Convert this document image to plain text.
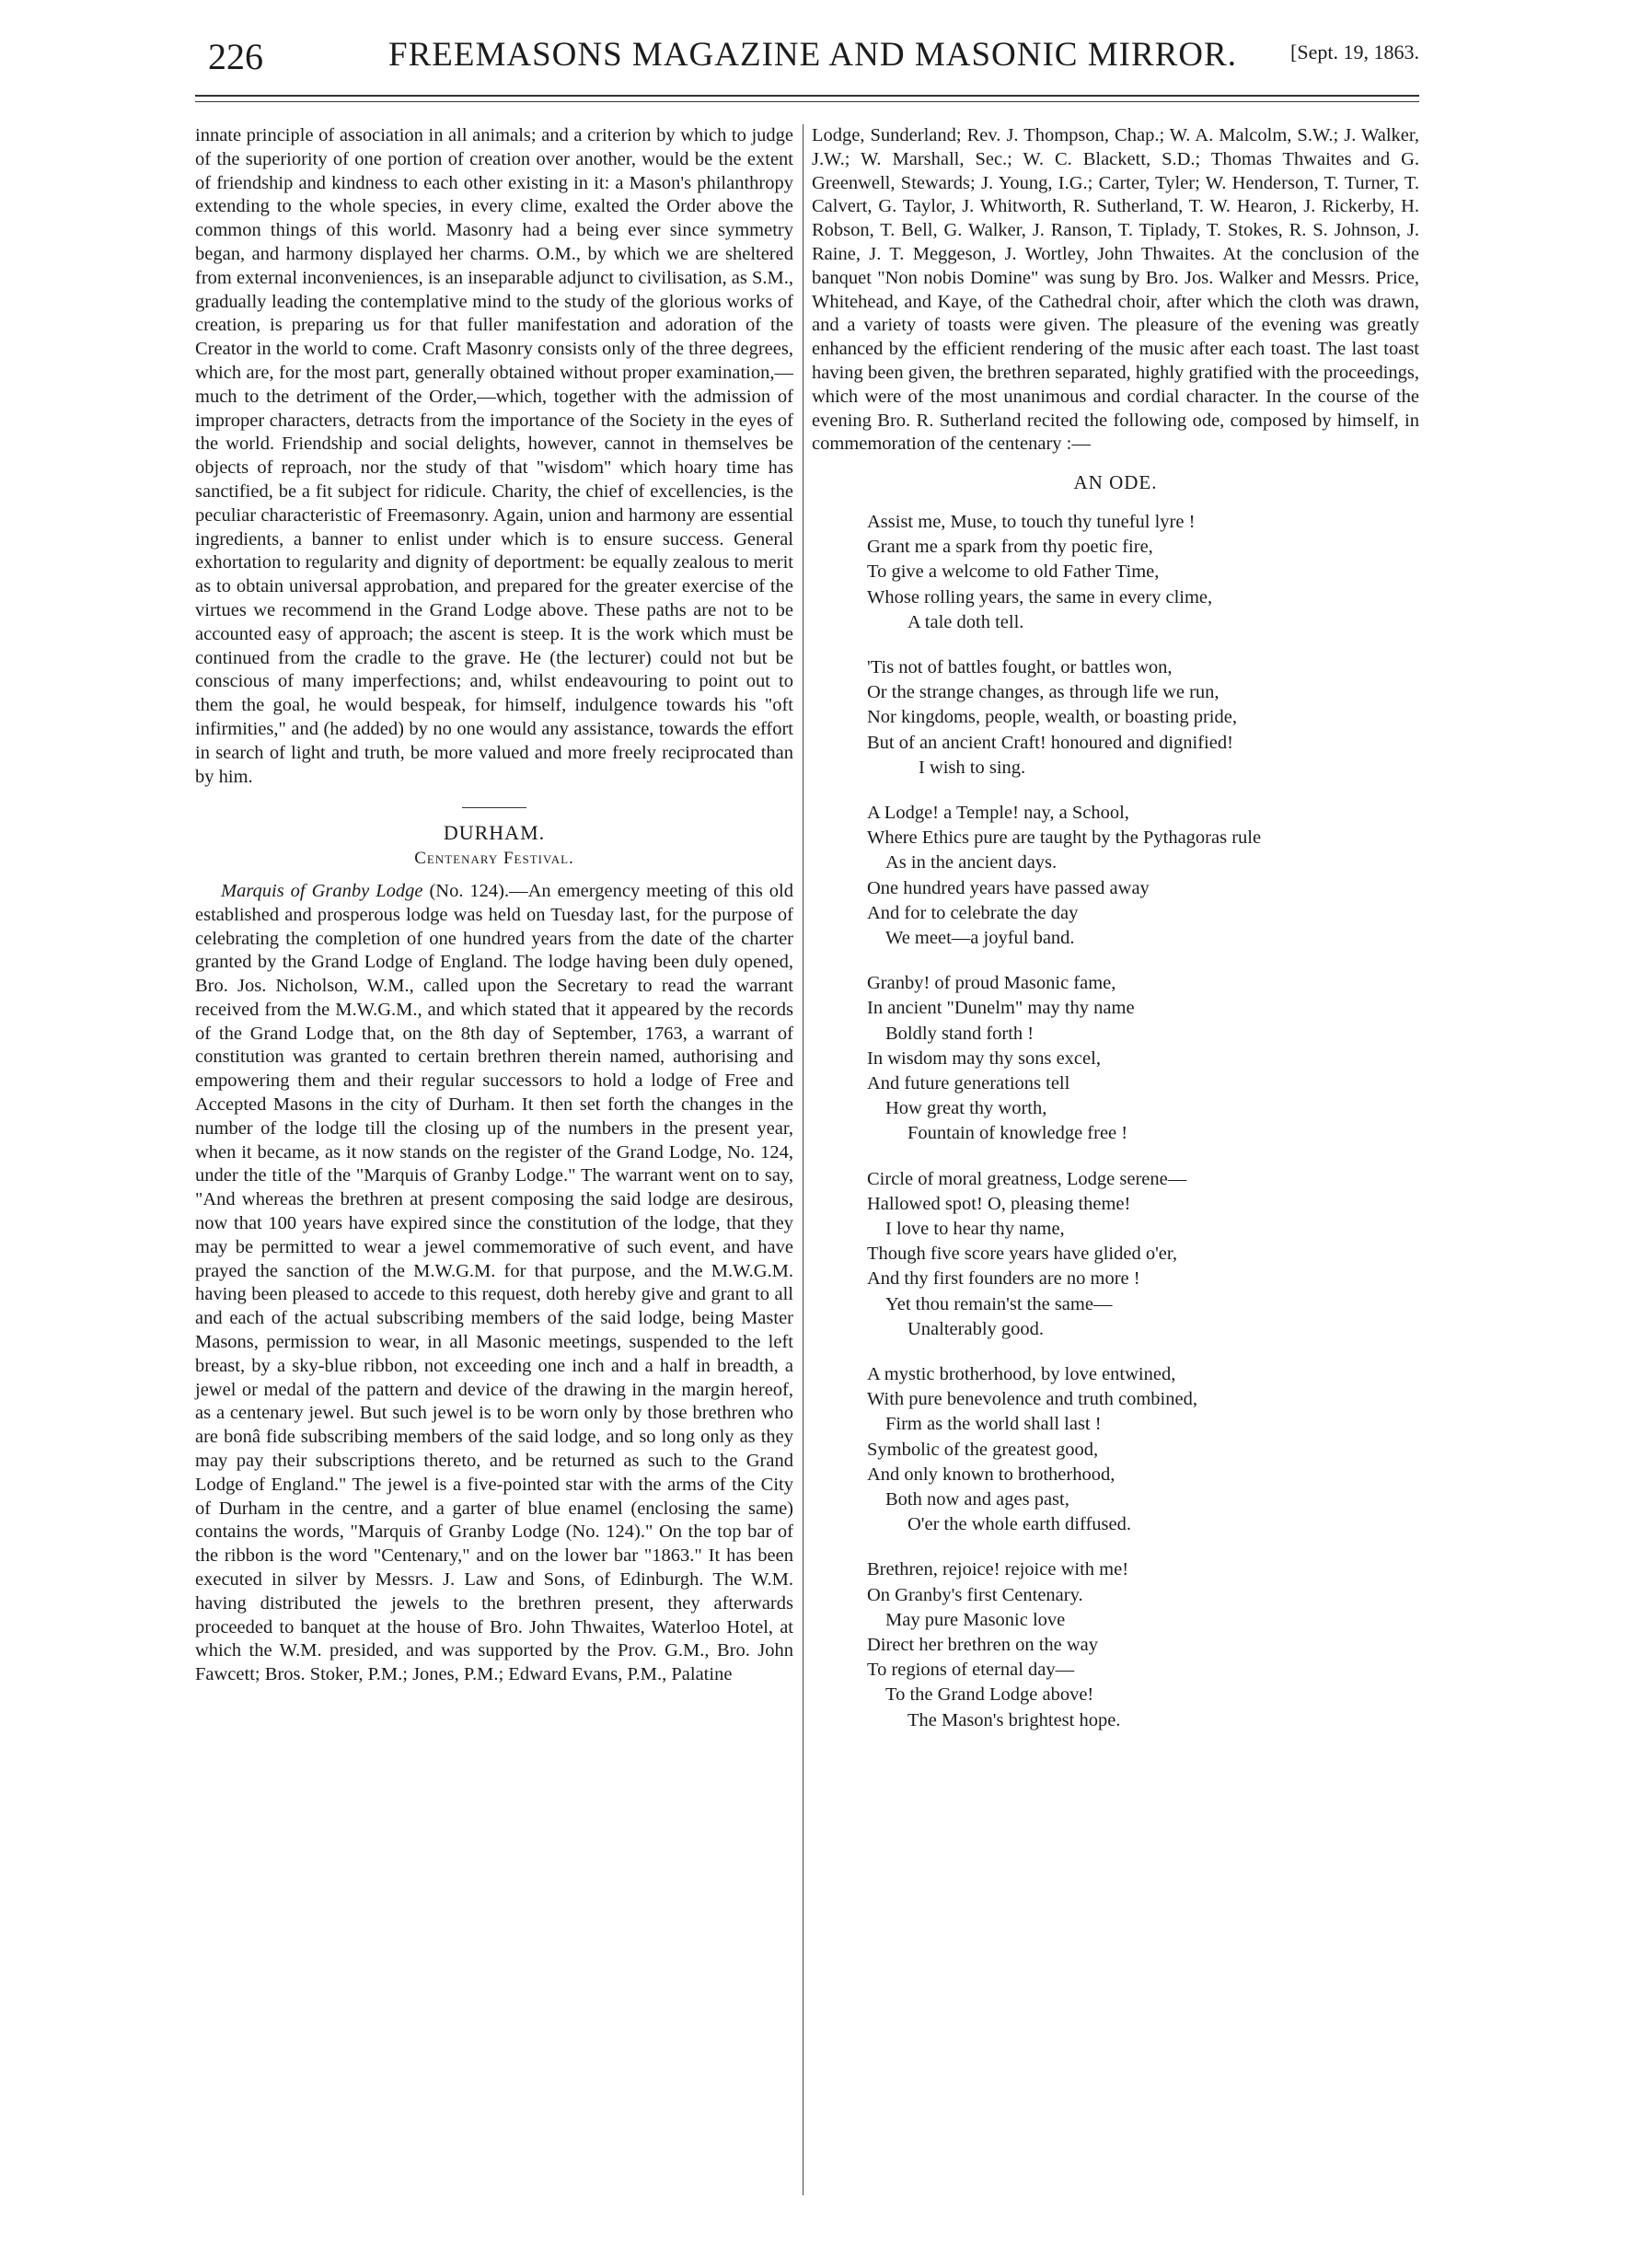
226	FREEMASONS MAGAZINE AND MASONIC MIRROR.	[Sept. 19, 1863.

innate principle of association in all animals; and a criterion by which to judge of the superiority of one portion of creation over another, would be the extent of friendship and kindness to each other existing in it: a Mason's philanthropy extending to the whole species, in every clime, exalted the Order above the common things of this world. Masonry had a being ever since symmetry began, and harmony displayed her charms. O.M., by which we are sheltered from external inconveniences, is an inseparable adjunct to civilisation, as S.M., gradually leading the contemplative mind to the study of the glorious works of creation, is preparing us for that fuller manifestation and adoration of the Creator in the world to come. Craft Masonry consists only of the three degrees, which are, for the most part, generally obtained without proper examination,—much to the detriment of the Order,—which, together with the admission of improper characters, detracts from the importance of the Society in the eyes of the world. Friendship and social delights, however, cannot in themselves be objects of reproach, nor the study of that "wisdom" which hoary time has sanctified, be a fit subject for ridicule. Charity, the chief of excellencies, is the peculiar characteristic of Freemasonry. Again, union and harmony are essential ingredients, a banner to enlist under which is to ensure success. General exhortation to regularity and dignity of deportment: be equally zealous to merit as to obtain universal approbation, and prepared for the greater exercise of the virtues we recommend in the Grand Lodge above. These paths are not to be accounted easy of approach; the ascent is steep. It is the work which must be continued from the cradle to the grave. He (the lecturer) could not but be conscious of many imperfections; and, whilst endeavouring to point out to them the goal, he would bespeak, for himself, indulgence towards his "oft infirmities," and (he added) by no one would any assistance, towards the effort in search of light and truth, be more valued and more freely reciprocated than by him.

DURHAM.
Centenary Festival.

Marquis of Granby Lodge (No. 124).—An emergency meeting of this old established and prosperous lodge was held on Tuesday last, for the purpose of celebrating the completion of one hundred years from the date of the charter granted by the Grand Lodge of England. The lodge having been duly opened, Bro. Jos. Nicholson, W.M., called upon the Secretary to read the warrant received from the M.W.G.M., and which stated that it appeared by the records of the Grand Lodge that, on the 8th day of September, 1763, a warrant of constitution was granted to certain brethren therein named, authorising and empowering them and their regular successors to hold a lodge of Free and Accepted Masons in the city of Durham. It then set forth the changes in the number of the lodge till the closing up of the numbers in the present year, when it became, as it now stands on the register of the Grand Lodge, No. 124, under the title of the "Marquis of Granby Lodge." The warrant went on to say, "And whereas the brethren at present composing the said lodge are desirous, now that 100 years have expired since the constitution of the lodge, that they may be permitted to wear a jewel commemorative of such event, and have prayed the sanction of the M.W.G.M. for that purpose, and the M.W.G.M. having been pleased to accede to this request, doth hereby give and grant to all and each of the actual subscribing members of the said lodge, being Master Masons, permission to wear, in all Masonic meetings, suspended to the left breast, by a sky-blue ribbon, not exceeding one inch and a half in breadth, a jewel or medal of the pattern and device of the drawing in the margin hereof, as a centenary jewel. But such jewel is to be worn only by those brethren who are bonâ fide subscribing members of the said lodge, and so long only as they may pay their subscriptions thereto, and be returned as such to the Grand Lodge of England." The jewel is a five-pointed star with the arms of the City of Durham in the centre, and a garter of blue enamel (enclosing the same) contains the words, "Marquis of Granby Lodge (No. 124)." On the top bar of the ribbon is the word "Centenary," and on the lower bar "1863." It has been executed in silver by Messrs. J. Law and Sons, of Edinburgh. The W.M. having distributed the jewels to the brethren present, they afterwards proceeded to banquet at the house of Bro. John Thwaites, Waterloo Hotel, at which the W.M. presided, and was supported by the Prov. G.M., Bro. John Fawcett; Bros. Stoker, P.M.; Jones, P.M.; Edward Evans, P.M., Palatine

Lodge, Sunderland; Rev. J. Thompson, Chap.; W. A. Malcolm, S.W.; J. Walker, J.W.; W. Marshall, Sec.; W. C. Blackett, S.D.; Thomas Thwaites and G. Greenwell, Stewards; J. Young, I.G.; Carter, Tyler; W. Henderson, T. Turner, T. Calvert, G. Taylor, J. Whitworth, R. Sutherland, T. W. Hearon, J. Rickerby, H. Robson, T. Bell, G. Walker, J. Ranson, T. Tiplady, T. Stokes, R. S. Johnson, J. Raine, J. T. Meggeson, J. Wortley, John Thwaites. At the conclusion of the banquet "Non nobis Domine" was sung by Bro. Jos. Walker and Messrs. Price, Whitehead, and Kaye, of the Cathedral choir, after which the cloth was drawn, and a variety of toasts were given. The pleasure of the evening was greatly enhanced by the efficient rendering of the music after each toast. The last toast having been given, the brethren separated, highly gratified with the proceedings, which were of the most unanimous and cordial character. In the course of the evening Bro. R. Sutherland recited the following ode, composed by himself, in commemoration of the centenary :—

AN ODE.
Assist me, Muse, to touch thy tuneful lyre !
Grant me a spark from thy poetic fire,
To give a welcome to old Father Time,
Whose rolling years, the same in every clime,
A tale doth tell.
'Tis not of battles fought, or battles won,
Or the strange changes, as through life we run,
Nor kingdoms, people, wealth, or boasting pride,
But of an ancient Craft! honoured and dignified!
I wish to sing.
A Lodge! a Temple! nay, a School,
Where Ethics pure are taught by the Pythagoras rule
As in the ancient days.
One hundred years have passed away
And for to celebrate the day
We meet—a joyful band.
Granby! of proud Masonic fame,
In ancient "Dunelm" may thy name
Boldly stand forth !
In wisdom may thy sons excel,
And future generations tell
How great thy worth,
Fountain of knowledge free !
Circle of moral greatness, Lodge serene—
Hallowed spot! O, pleasing theme!
I love to hear thy name,
Though five score years have glided o'er,
And thy first founders are no more !
Yet thou remain'st the same—
Unalterably good.
A mystic brotherhood, by love entwined,
With pure benevolence and truth combined,
Firm as the world shall last !
Symbolic of the greatest good,
And only known to brotherhood,
Both now and ages past,
O'er the whole earth diffused.
Brethren, rejoice! rejoice with me!
On Granby's first Centenary.
May pure Masonic love
Direct her brethren on the way
To regions of eternal day—
To the Grand Lodge above!
The Mason's brightest hope.
